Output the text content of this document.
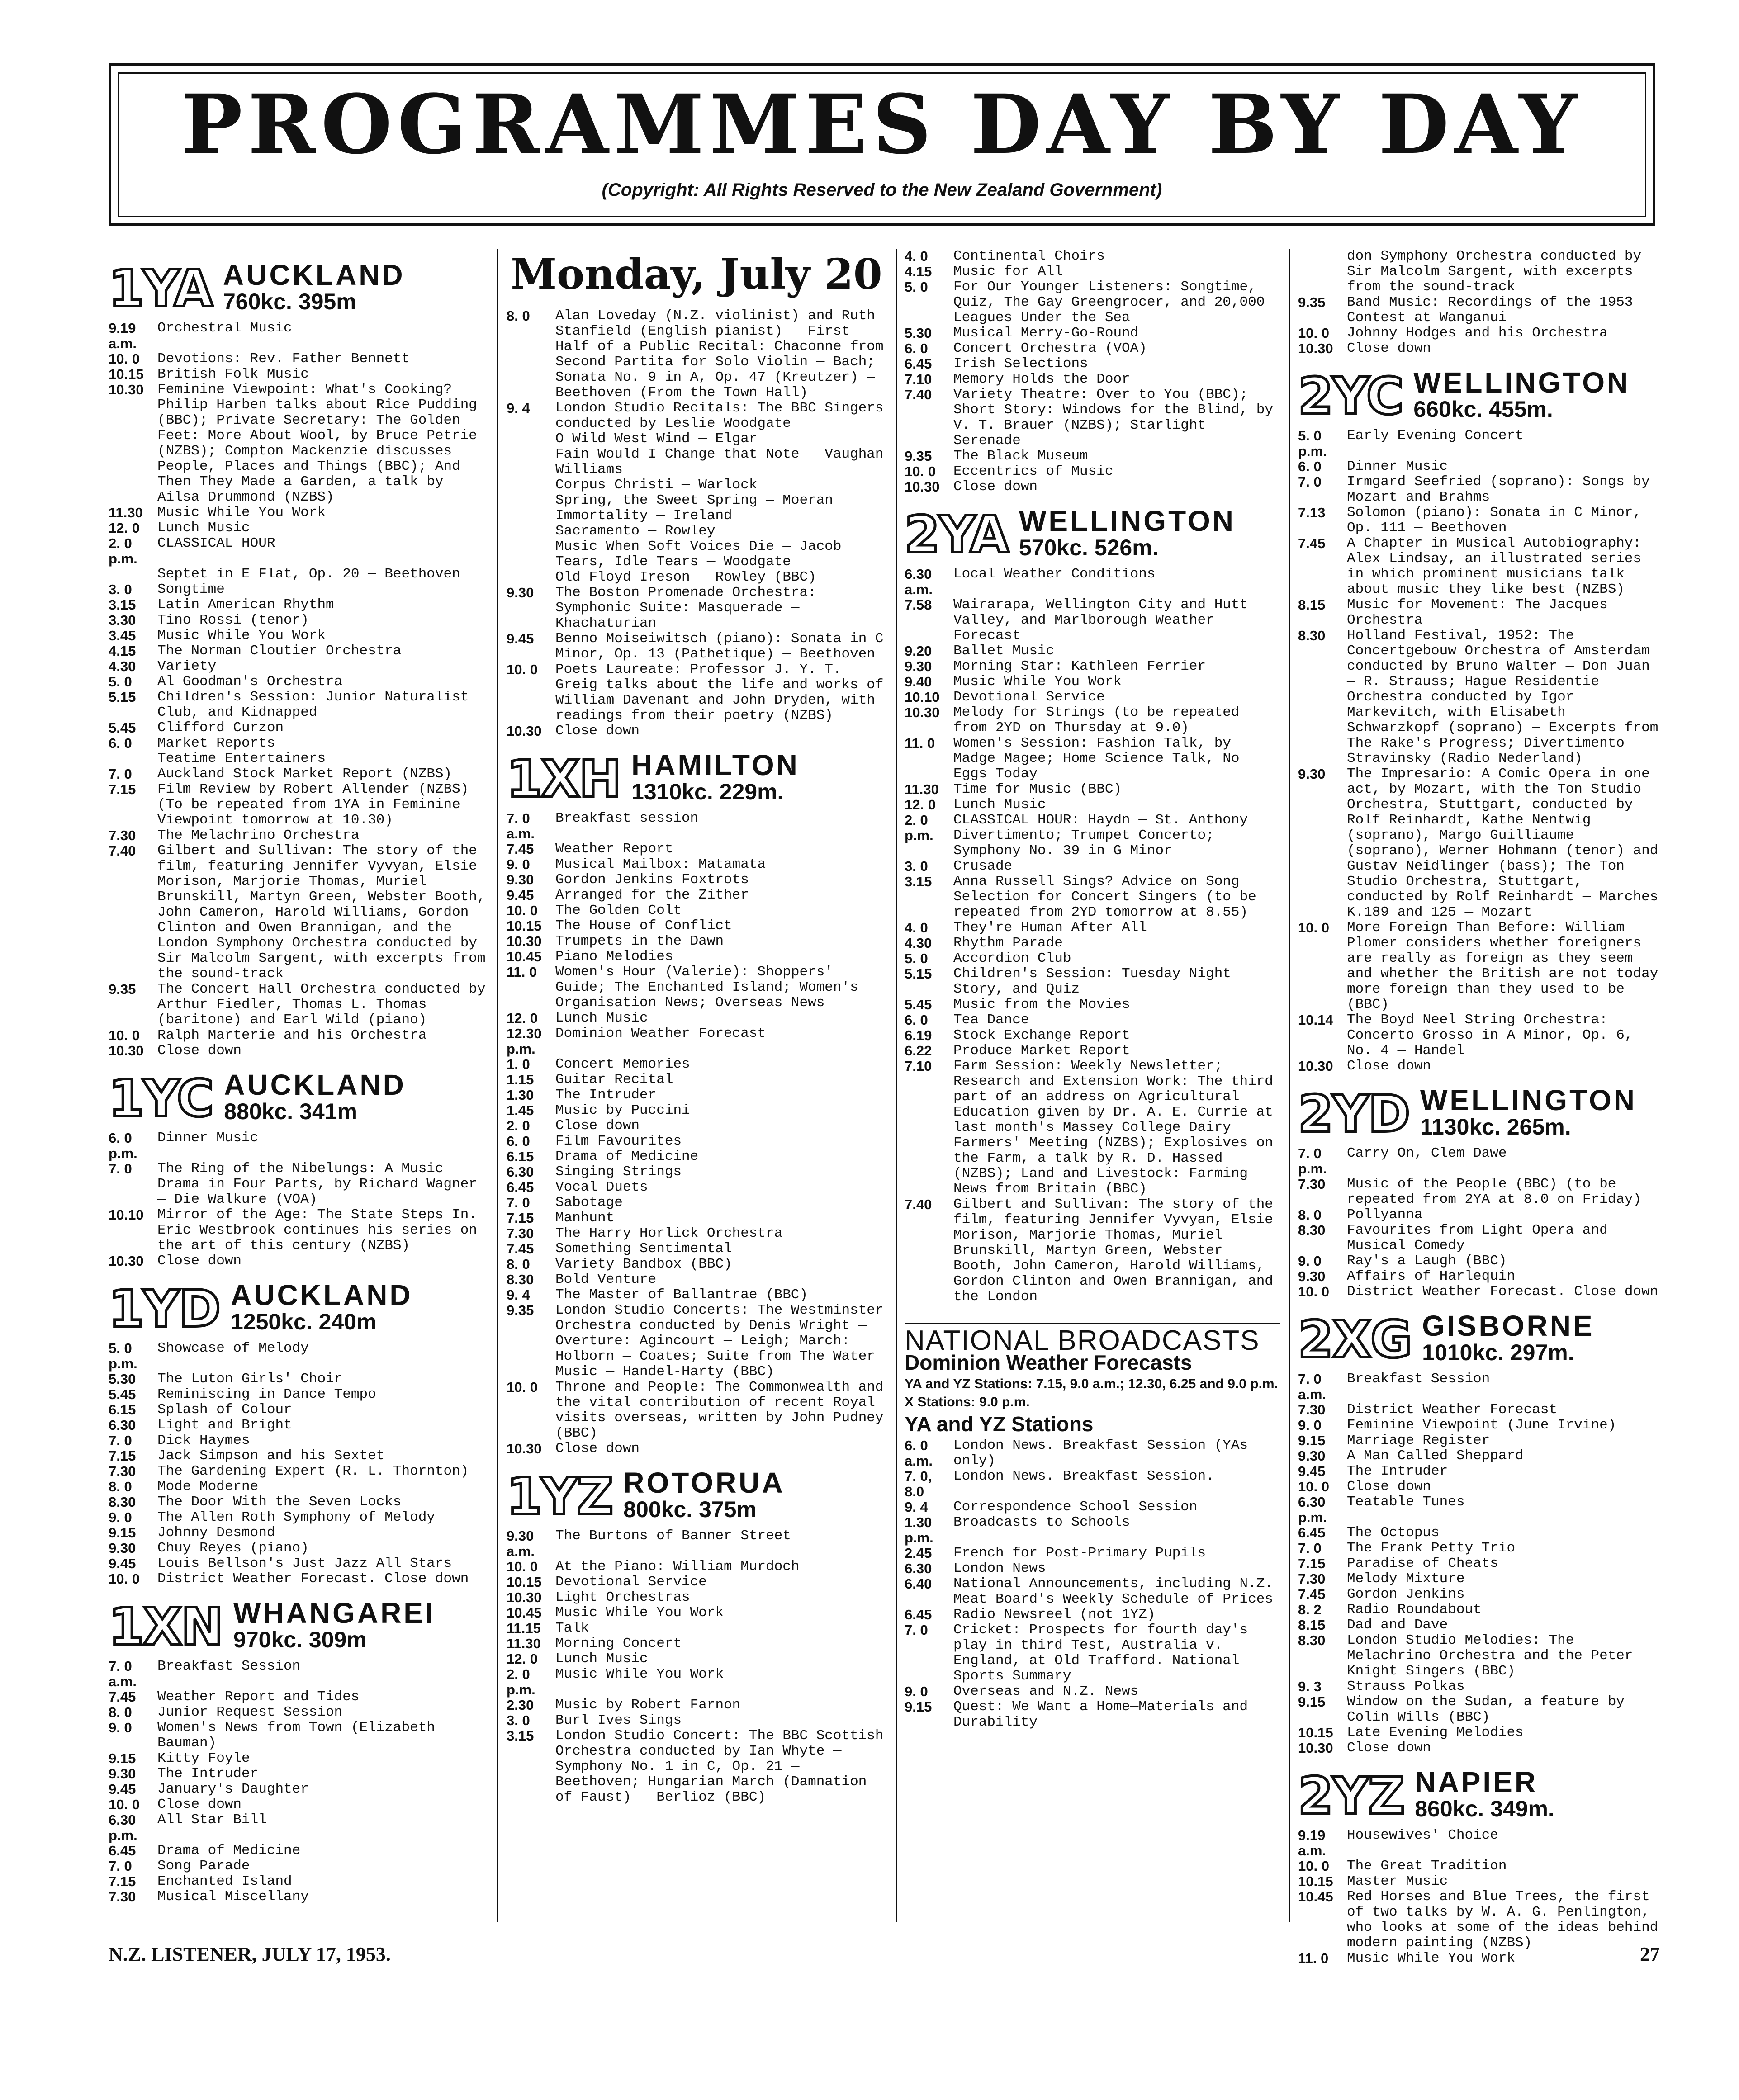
PROGRAMMES DAY BY DAY
(Copyright: All Rights Reserved to the New Zealand Government)
1YA AUCKLAND
760kc. 395m
9.19 a.m.
Orchestral Music
10. 0	Devotions: Rev. Father Bennett
10.15 British Folk Music
10.30 Feminine Viewpoint: What's Cooking? Philip Harben talks about Rice Pudding (BBC); Private Secretary: The Golden Feet: More About Wool, by Bruce Petrie (NZBS); Compton Mackenzie discusses People, Places and Things (BBC); And Then They Made a Garden, a talk by Ailsa Drummond (NZBS)
11.30	Music While You Work
12. 0	Lunch Music
2. 0 p.m.
CLASSICAL HOUR
Septet in E Flat, Op. 20 — Beethoven
3. 0	Songtime
3.15	Latin American Rhythm
3.30	Tino Rossi (tenor)
3.45	Music While You Work
4.15	The Norman Cloutier Orchestra
4.30	Variety
5. 0	Al Goodman's Orchestra
5.15	Children's Session: Junior Naturalist Club, and Kidnapped
5.45	Clifford Curzon
6. 0	Market Reports
Teatime Entertainers
7. 0	Auckland Stock Market Report (NZBS)
7.15	Film Review by Robert Allender (NZBS) (To be repeated from 1YA in Feminine Viewpoint tomorrow at 10.30)
7.30	The Melachrino Orchestra
7.40	Gilbert and Sullivan: The story of the film, featuring Jennifer Vyvyan, Elsie Morison, Marjorie Thomas, Muriel Brunskill, Martyn Green, Webster Booth, John Cameron, Harold Williams, Gordon Clinton and Owen Brannigan, and the London Symphony Orchestra conducted by Sir Malcolm Sargent, with excerpts from the sound-track
9.35	The Concert Hall Orchestra conducted by Arthur Fiedler, Thomas L. Thomas (baritone) and Earl Wild (piano)
10. 0	Ralph Marterie and his Orchestra
10.30 Close down
1YC AUCKLAND
880kc. 341m
6. 0 p.m.
Dinner Music
7. 0	The Ring of the Nibelungs: A Music Drama in Four Parts, by Richard Wagner — Die Walkure (VOA)
10.10 Mirror of the Age: The State Steps In. Eric Westbrook continues his series on the art of this century (NZBS)
10.30 Close down
1YD AUCKLAND
1250kc. 240m
5. 0 p.m.
Showcase of Melody
5.30	The Luton Girls' Choir
5.45	Reminiscing in Dance Tempo
6.15	Splash of Colour
6.30	Light and Bright
7. 0	Dick Haymes
7.15	Jack Simpson and his Sextet
7.30	The Gardening Expert (R. L. Thornton)
8. 0	Mode Moderne
8.30	The Door With the Seven Locks
9. 0	The Allen Roth Symphony of Melody
9.15	Johnny Desmond
9.30	Chuy Reyes (piano)
9.45	Louis Bellson's Just Jazz All Stars
10. 0	District Weather Forecast. Close down
1XN WHANGAREI
970kc. 309m
7. 0 a.m.
Breakfast Session
7.45	Weather Report and Tides
8. 0	Junior Request Session
9. 0	Women's News from Town (Elizabeth Bauman)
9.15	Kitty Foyle
9.30	The Intruder
9.45	January's Daughter
10. 0	Close down
6.30 p.m.
All Star Bill
6.45	Drama of Medicine
7. 0	Song Parade
7.15	Enchanted Island
7.30	Musical Miscellany
Monday, July 20
8. 0	Alan Loveday (N.Z. violinist) and Ruth Stanfield (English pianist) — First Half of a Public Recital: Chaconne from Second Partita for Solo Violin — Bach; Sonata No. 9 in A, Op. 47 (Kreutzer) — Beethoven (From the Town Hall)
9. 4	London Studio Recitals: The BBC Singers conducted by Leslie Woodgate
O Wild West Wind — Elgar
Fain Would I Change that Note — Vaughan Williams
Corpus Christi — Warlock
Spring, the Sweet Spring — Moeran
Immortality — Ireland
Sacramento — Rowley
Music When Soft Voices Die — Jacob
Tears, Idle Tears — Woodgate
Old Floyd Ireson — Rowley (BBC)
9.30	The Boston Promenade Orchestra: Symphonic Suite: Masquerade — Khachaturian
9.45	Benno Moiseiwitsch (piano): Sonata in C Minor, Op. 13 (Pathetique) — Beethoven
10. 0	Poets Laureate: Professor J. Y. T. Greig talks about the life and works of William Davenant and John Dryden, with readings from their poetry (NZBS)
10.30 Close down
1XH HAMILTON
1310kc. 229m.
7. 0 a.m.
Breakfast session
7.45	Weather Report
9. 0	Musical Mailbox: Matamata
9.30	Gordon Jenkins Foxtrots
9.45	Arranged for the Zither
10. 0	The Golden Colt
10.15 The House of Conflict
10.30 Trumpets in the Dawn
10.45 Piano Melodies
11. 0	Women's Hour (Valerie): Shoppers' Guide; The Enchanted Island; Women's Organisation News; Overseas News
12. 0	Lunch Music
12.30 p.m.
Dominion Weather Forecast
1. 0	Concert Memories
1.15	Guitar Recital
1.30	The Intruder
1.45	Music by Puccini
2. 0	Close down
6. 0	Film Favourites
6.15	Drama of Medicine
6.30	Singing Strings
6.45	Vocal Duets
7. 0	Sabotage
7.15	Manhunt
7.30	The Harry Horlick Orchestra
7.45	Something Sentimental
8. 0	Variety Bandbox (BBC)
8.30	Bold Venture
9. 4	The Master of Ballantrae (BBC)
9.35	London Studio Concerts: The Westminster Orchestra conducted by Denis Wright — Overture: Agincourt — Leigh; March: Holborn — Coates; Suite from The Water Music — Handel-Harty (BBC)
10. 0	Throne and People: The Commonwealth and the vital contribution of recent Royal visits overseas, written by John Pudney (BBC)
10.30 Close down
1YZ ROTORUA
800kc. 375m
9.30 a.m.
The Burtons of Banner Street
10. 0	At the Piano: William Murdoch
10.15 Devotional Service
10.30 Light Orchestras
10.45 Music While You Work
11.15	Talk
11.30	Morning Concert
12. 0	Lunch Music
2. 0 p.m.
Music While You Work
2.30	Music by Robert Farnon
3. 0	Burl Ives Sings
3.15	London Studio Concert: The BBC Scottish Orchestra conducted by Ian Whyte — Symphony No. 1 in C, Op. 21 — Beethoven; Hungarian March (Damnation of Faust) — Berlioz (BBC)
4. 0	Continental Choirs
4.15	Music for All
5. 0	For Our Younger Listeners: Songtime, Quiz, The Gay Greengrocer, and 20,000 Leagues Under the Sea
5.30	Musical Merry-Go-Round
6. 0	Concert Orchestra (VOA)
6.45	Irish Selections
7.10	Memory Holds the Door
7.40	Variety Theatre: Over to You (BBC); Short Story: Windows for the Blind, by V. T. Brauer (NZBS); Starlight Serenade
9.35	The Black Museum
10. 0	Eccentrics of Music
10.30 Close down
2YA WELLINGTON
570kc. 526m.
6.30 a.m.
Local Weather Conditions
7.58	Wairarapa, Wellington City and Hutt Valley, and Marlborough Weather Forecast
9.20	Ballet Music
9.30	Morning Star: Kathleen Ferrier
9.40	Music While You Work
10.10 Devotional Service
10.30 Melody for Strings (to be repeated from 2YD on Thursday at 9.0)
11. 0	Women's Session: Fashion Talk, by Madge Magee; Home Science Talk, No Eggs Today
11.30	Time for Music (BBC)
12. 0	Lunch Music
2. 0 p.m.
CLASSICAL HOUR: Haydn — St. Anthony Divertimento; Trumpet Concerto; Symphony No. 39 in G Minor
3. 0	Crusade
3.15	Anna Russell Sings? Advice on Song Selection for Concert Singers (to be repeated from 2YD tomorrow at 8.55)
4. 0	They're Human After All
4.30	Rhythm Parade
5. 0	Accordion Club
5.15	Children's Session: Tuesday Night Story, and Quiz
5.45	Music from the Movies
6. 0	Tea Dance
6.19	Stock Exchange Report
6.22	Produce Market Report
7.10	Farm Session: Weekly Newsletter; Research and Extension Work: The third part of an address on Agricultural Education given by Dr. A. E. Currie at last month's Massey College Dairy Farmers' Meeting (NZBS); Explosives on the Farm, a talk by R. D. Hassed (NZBS); Land and Livestock: Farming News from Britain (BBC)
7.40	Gilbert and Sullivan: The story of the film, featuring Jennifer Vyvyan, Elsie Morison, Marjorie Thomas, Muriel Brunskill, Martyn Green, Webster Booth, John Cameron, Harold Williams, Gordon Clinton and Owen Brannigan, and the London
NATIONAL BROADCASTS
Dominion Weather Forecasts
YA and YZ Stations: 7.15, 9.0 a.m.; 12.30, 6.25 and 9.0 p.m.
X Stations: 9.0 p.m.
YA and YZ Stations
6. 0 a.m.
London News. Breakfast Session (YAs only)
7. 0, 8.0
London News. Breakfast Session.
9. 4	Correspondence School Session
1.30 p.m.
Broadcasts to Schools
2.45	French for Post-Primary Pupils
6.30	London News
6.40	National Announcements, including N.Z. Meat Board's Weekly Schedule of Prices
6.45	Radio Newsreel (not 1YZ)
7. 0	Cricket: Prospects for fourth day's play in third Test, Australia v. England, at Old Trafford. National Sports Summary
9. 0	Overseas and N.Z. News
9.15	Quest: We Want a Home—Materials and Durability
don Symphony Orchestra conducted by Sir Malcolm Sargent, with excerpts from the sound-track
9.35	Band Music: Recordings of the 1953 Contest at Wanganui
10. 0	Johnny Hodges and his Orchestra
10.30 Close down
2YC WELLINGTON
660kc. 455m.
5. 0 p.m.
Early Evening Concert
6. 0	Dinner Music
7. 0	Irmgard Seefried (soprano): Songs by Mozart and Brahms
7.13	Solomon (piano): Sonata in C Minor, Op. 111 — Beethoven
7.45	A Chapter in Musical Autobiography: Alex Lindsay, an illustrated series in which prominent musicians talk about music they like best (NZBS)
8.15	Music for Movement: The Jacques Orchestra
8.30	Holland Festival, 1952: The Concertgebouw Orchestra of Amsterdam conducted by Bruno Walter — Don Juan — R. Strauss; Hague Residentie Orchestra conducted by Igor Markevitch, with Elisabeth Schwarzkopf (soprano) — Excerpts from The Rake's Progress; Divertimento — Stravinsky (Radio Nederland)
9.30	The Impresario: A Comic Opera in one act, by Mozart, with the Ton Studio Orchestra, Stuttgart, conducted by Rolf Reinhardt, Kathe Nentwig (soprano), Margo Guilliaume (soprano), Werner Hohmann (tenor) and Gustav Neidlinger (bass); The Ton Studio Orchestra, Stuttgart, conducted by Rolf Reinhardt — Marches K.189 and 125 — Mozart
10. 0	More Foreign Than Before: William Plomer considers whether foreigners are really as foreign as they seem and whether the British are not today more foreign than they used to be (BBC)
10.14 The Boyd Neel String Orchestra: Concerto Grosso in A Minor, Op. 6, No. 4 — Handel
10.30 Close down
2YD WELLINGTON
1130kc. 265m.
7. 0 p.m.
Carry On, Clem Dawe
7.30	Music of the People (BBC) (to be repeated from 2YA at 8.0 on Friday)
8. 0	Pollyanna
8.30	Favourites from Light Opera and Musical Comedy
9. 0	Ray's a Laugh (BBC)
9.30	Affairs of Harlequin
10. 0	District Weather Forecast. Close down
2XG GISBORNE
1010kc. 297m.
7. 0 a.m.
Breakfast Session
7.30	District Weather Forecast
9. 0	Feminine Viewpoint (June Irvine)
9.15	Marriage Register
9.30	A Man Called Sheppard
9.45	The Intruder
10. 0	Close down
6.30 p.m.
Teatable Tunes
6.45	The Octopus
7. 0	The Frank Petty Trio
7.15	Paradise of Cheats
7.30	Melody Mixture
7.45	Gordon Jenkins
8. 2	Radio Roundabout
8.15	Dad and Dave
8.30	London Studio Melodies: The Melachrino Orchestra and the Peter Knight Singers (BBC)
9. 3	Strauss Polkas
9.15	Window on the Sudan, a feature by Colin Wills (BBC)
10.15 Late Evening Melodies
10.30 Close down
2YZ NAPIER
860kc. 349m.
9.19 a.m.
Housewives' Choice
10. 0	The Great Tradition
10.15 Master Music
10.45 Red Horses and Blue Trees, the first of two talks by W. A. G. Penlington, who looks at some of the ideas behind modern painting (NZBS)
11. 0	Music While You Work
N.Z. LISTENER, JULY 17, 1953.	27
